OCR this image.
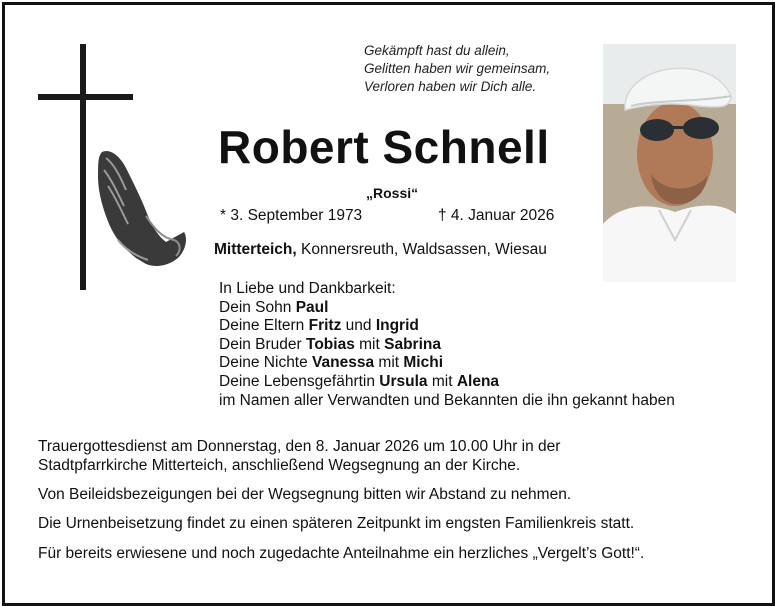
Gekämpft hast du allein,
Gelitten haben wir gemeinsam,
Verloren haben wir Dich alle.
Robert Schnell
„Rossi“
* 3. September 1973	† 4. Januar 2026
Mitterteich, Konnersreuth, Waldsassen, Wiesau
In Liebe und Dankbarkeit:
Dein Sohn Paul
Deine Eltern Fritz und Ingrid
Dein Bruder Tobias mit Sabrina
Deine Nichte Vanessa mit Michi
Deine Lebensgefährtin Ursula mit Alena
im Namen aller Verwandten und Bekannten die ihn gekannt haben
Trauergottesdienst am Donnerstag, den 8. Januar 2026 um 10.00 Uhr in der
Stadtpfarrkirche Mitterteich, anschließend Wegsegnung an der Kirche.
Von Beileidsbezeigungen bei der Wegsegnung bitten wir Abstand zu nehmen.
Die Urnenbeisetzung findet zu einen späteren Zeitpunkt im engsten Familienkreis statt.
Für bereits erwiesene und noch zugedachte Anteilnahme ein herzliches „Vergelt’s Gott!“.
